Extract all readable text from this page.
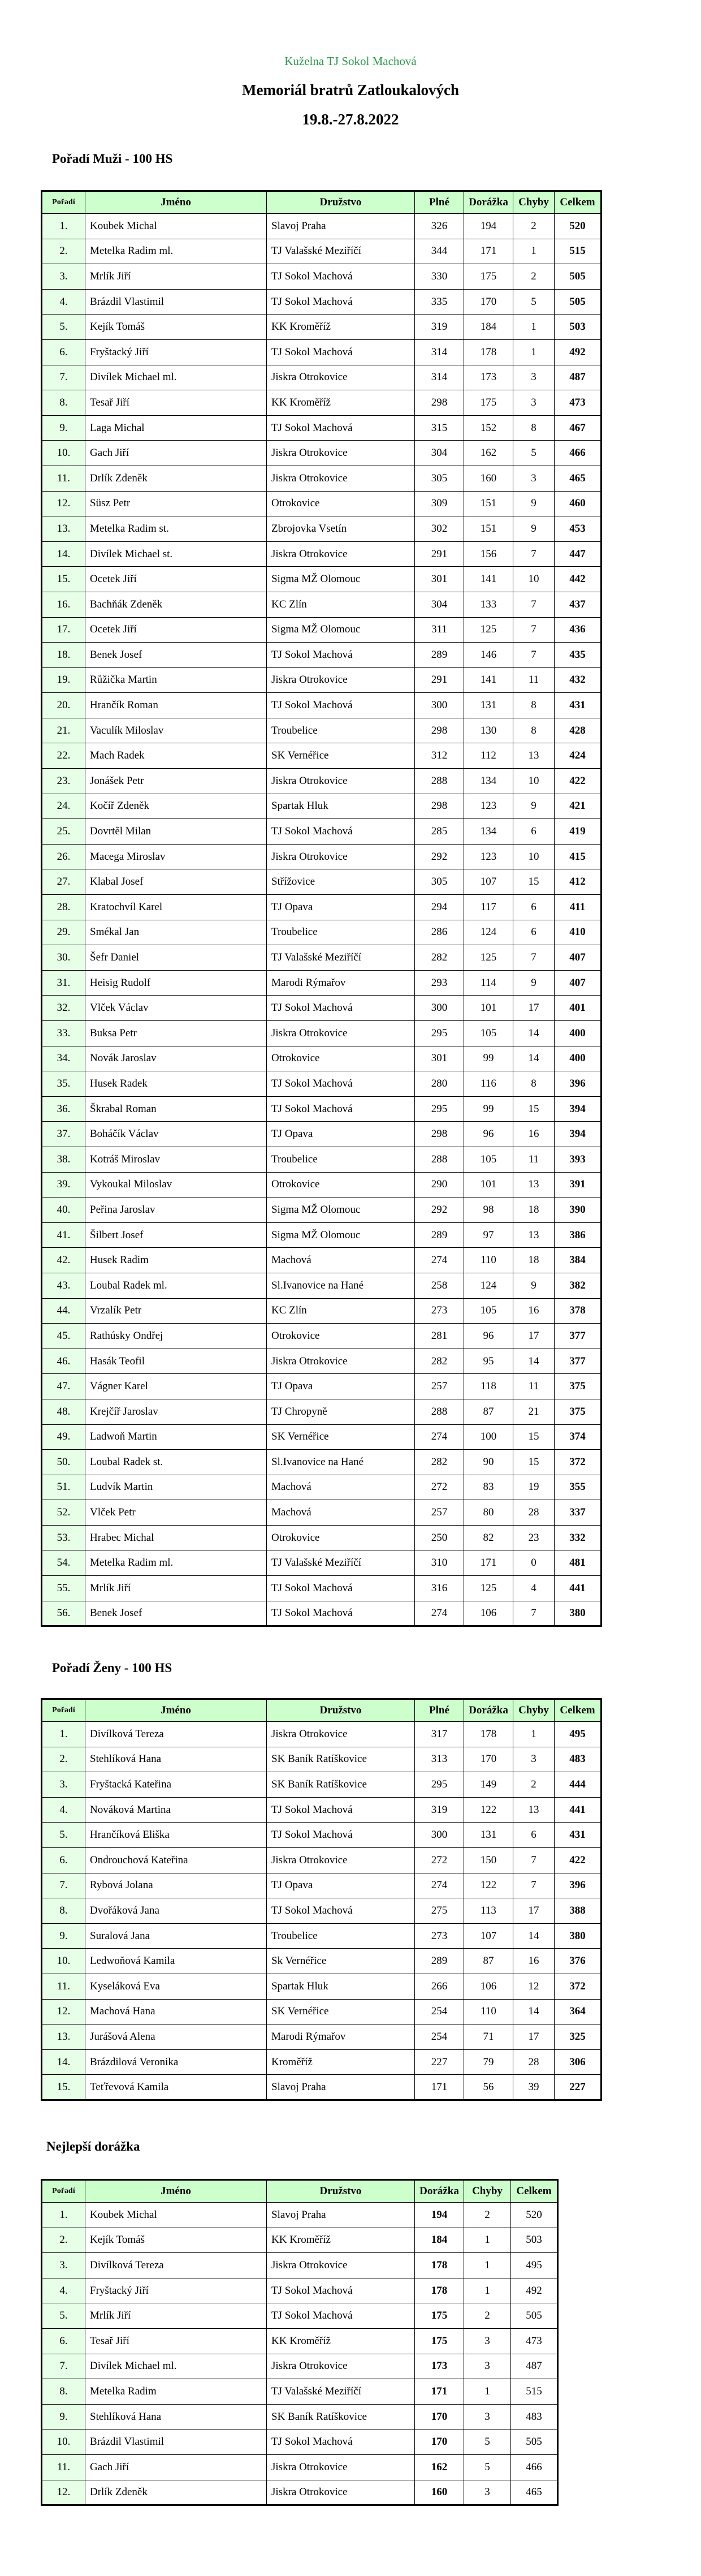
Kuželna TJ Sokol Machová
Memoriál bratrů Zatloukalových
19.8.-27.8.2022
Pořadí Muži - 100 HS
Pořadí	Jméno	Družstvo	Plné	Dorážka	Chyby	Celkem
1.	Koubek Michal	Slavoj Praha	326	194	2	520
2.	Metelka Radim ml.	TJ Valašské Meziříčí	344	171	1	515
3.	Mrlík Jiří	TJ Sokol Machová	330	175	2	505
4.	Brázdil Vlastimil	TJ Sokol Machová	335	170	5	505
5.	Kejík Tomáš	KK Kroměříž	319	184	1	503
6.	Fryštacký Jiří	TJ Sokol Machová	314	178	1	492
7.	Divílek Michael ml.	Jiskra Otrokovice	314	173	3	487
8.	Tesař Jiří	KK Kroměříž	298	175	3	473
9.	Laga Michal	TJ Sokol Machová	315	152	8	467
10.	Gach Jiří	Jiskra Otrokovice	304	162	5	466
11.	Drlík Zdeněk	Jiskra Otrokovice	305	160	3	465
12.	Süsz Petr	Otrokovice	309	151	9	460
13.	Metelka Radim st.	Zbrojovka Vsetín	302	151	9	453
14.	Divílek Michael st.	Jiskra Otrokovice	291	156	7	447
15.	Ocetek Jiří	Sigma MŽ Olomouc	301	141	10	442
16.	Bachňák Zdeněk	KC Zlín	304	133	7	437
17.	Ocetek Jiří	Sigma MŽ Olomouc	311	125	7	436
18.	Benek Josef	TJ Sokol Machová	289	146	7	435
19.	Růžička Martin	Jiskra Otrokovice	291	141	11	432
20.	Hrančík Roman	TJ Sokol Machová	300	131	8	431
21.	Vaculík Miloslav	Troubelice	298	130	8	428
22.	Mach Radek	SK Vernéřice	312	112	13	424
23.	Jonášek Petr	Jiskra Otrokovice	288	134	10	422
24.	Kočíř Zdeněk	Spartak Hluk	298	123	9	421
25.	Dovrtěl Milan	TJ Sokol Machová	285	134	6	419
26.	Macega Miroslav	Jiskra Otrokovice	292	123	10	415
27.	Klabal Josef	Střížovice	305	107	15	412
28.	Kratochvíl Karel	TJ Opava	294	117	6	411
29.	Smékal Jan	Troubelice	286	124	6	410
30.	Šefr Daniel	TJ Valašské Meziříčí	282	125	7	407
31.	Heisig Rudolf	Marodi Rýmařov	293	114	9	407
32.	Vlček Václav	TJ Sokol Machová	300	101	17	401
33.	Buksa Petr	Jiskra Otrokovice	295	105	14	400
34.	Novák Jaroslav	Otrokovice	301	99	14	400
35.	Husek Radek	TJ Sokol Machová	280	116	8	396
36.	Škrabal Roman	TJ Sokol Machová	295	99	15	394
37.	Boháčík Václav	TJ Opava	298	96	16	394
38.	Kotráš Miroslav	Troubelice	288	105	11	393
39.	Vykoukal Miloslav	Otrokovice	290	101	13	391
40.	Peřina Jaroslav	Sigma MŽ Olomouc	292	98	18	390
41.	Šilbert Josef	Sigma MŽ Olomouc	289	97	13	386
42.	Husek Radim	Machová	274	110	18	384
43.	Loubal Radek ml.	Sl.Ivanovice na Hané	258	124	9	382
44.	Vrzalík Petr	KC Zlín	273	105	16	378
45.	Rathúsky Ondřej	Otrokovice	281	96	17	377
46.	Hasák Teofil	Jiskra Otrokovice	282	95	14	377
47.	Vágner Karel	TJ Opava	257	118	11	375
48.	Krejčíř Jaroslav	TJ Chropyně	288	87	21	375
49.	Ladwoň Martin	SK Vernéřice	274	100	15	374
50.	Loubal Radek st.	Sl.Ivanovice na Hané	282	90	15	372
51.	Ludvík Martin	Machová	272	83	19	355
52.	Vlček Petr	Machová	257	80	28	337
53.	Hrabec Michal	Otrokovice	250	82	23	332
54.	Metelka Radim ml.	TJ Valašské Meziříčí	310	171	0	481
55.	Mrlík Jiří	TJ Sokol Machová	316	125	4	441
56.	Benek Josef	TJ Sokol Machová	274	106	7	380
Pořadí Ženy - 100 HS
Pořadí	Jméno	Družstvo	Plné	Dorážka	Chyby	Celkem
1.	Divílková Tereza	Jiskra Otrokovice	317	178	1	495
2.	Stehlíková Hana	SK Baník Ratíškovice	313	170	3	483
3.	Fryštacká Kateřina	SK Baník Ratíškovice	295	149	2	444
4.	Nováková Martina	TJ Sokol Machová	319	122	13	441
5.	Hrančíková Eliška	TJ Sokol Machová	300	131	6	431
6.	Ondrouchová Kateřina	Jiskra Otrokovice	272	150	7	422
7.	Rybová Jolana	TJ Opava	274	122	7	396
8.	Dvořáková Jana	TJ Sokol Machová	275	113	17	388
9.	Suralová Jana	Troubelice	273	107	14	380
10.	Ledwoňová Kamila	Sk Vernéřice	289	87	16	376
11.	Kyseláková Eva	Spartak Hluk	266	106	12	372
12.	Machová Hana	SK Vernéřice	254	110	14	364
13.	Jurášová Alena	Marodi Rýmařov	254	71	17	325
14.	Brázdilová Veronika	Kroměříž	227	79	28	306
15.	Teťřevová Kamila	Slavoj Praha	171	56	39	227
Nejlepší dorážka
Pořadí	Jméno	Družstvo	Dorážka	Chyby	Celkem
1.	Koubek Michal	Slavoj Praha	194	2	520
2.	Kejík Tomáš	KK Kroměříž	184	1	503
3.	Divílková Tereza	Jiskra Otrokovice	178	1	495
4.	Fryštacký Jiří	TJ Sokol Machová	178	1	492
5.	Mrlík Jiří	TJ Sokol Machová	175	2	505
6.	Tesař Jiří	KK Kroměříž	175	3	473
7.	Divílek Michael ml.	Jiskra Otrokovice	173	3	487
8.	Metelka Radim	TJ Valašské Meziříčí	171	1	515
9.	Stehlíková Hana	SK Baník Ratíškovice	170	3	483
10.	Brázdil Vlastimil	TJ Sokol Machová	170	5	505
11.	Gach Jiří	Jiskra Otrokovice	162	5	466
12.	Drlík Zdeněk	Jiskra Otrokovice	160	3	465
